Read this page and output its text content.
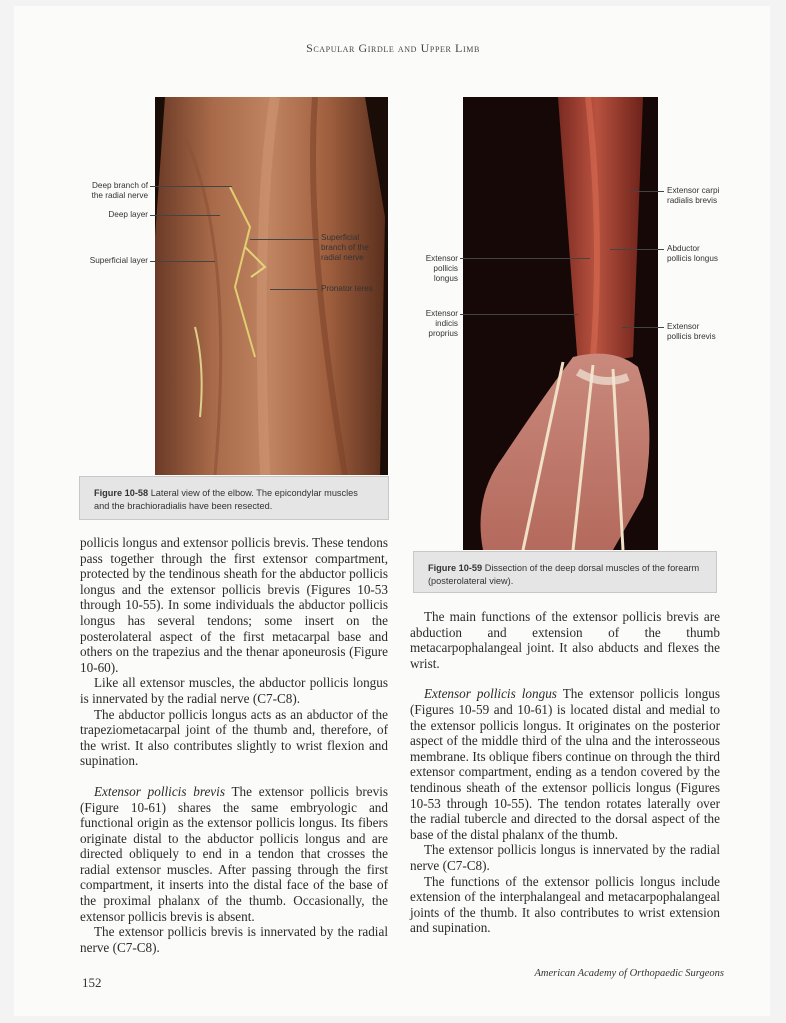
Scapular Girdle and Upper Limb
Figure 10-58 Lateral view of the elbow. The epicondylar muscles and the brachioradialis have been resected.
Deep branch of the radial nerve
Deep layer
Superficial layer
Superficial branch of the radial nerve
Pronator teres
Figure 10-59 Dissection of the deep dorsal muscles of the forearm (posterolateral view).
Extensor carpi radialis brevis
Abductor pollicis longus
Extensor pollicis brevis
Extensor pollicis longus
Extensor indicis proprius

pollicis longus and extensor pollicis brevis. These tendons pass together through the first extensor compartment, protected by the tendinous sheath for the abductor pollicis longus and the extensor pollicis brevis (Figures 10-53 through 10-55). In some individuals the abductor pollicis longus has several tendons; some insert on the posterolateral aspect of the first metacarpal base and others on the trapezius and the thenar aponeurosis (Figure 10-60).

Like all extensor muscles, the abductor pollicis longus is innervated by the radial nerve (C7-C8).

The abductor pollicis longus acts as an abductor of the trapeziometacarpal joint of the thumb and, therefore, of the wrist. It also contributes slightly to wrist flexion and supination.

Extensor pollicis brevis The extensor pollicis brevis (Figure 10-61) shares the same embryologic and functional origin as the extensor pollicis longus. Its fibers originate distal to the abductor pollicis longus and are directed obliquely to end in a tendon that crosses the radial extensor muscles. After passing through the first compartment, it inserts into the distal face of the base of the proximal phalanx of the thumb. Occasionally, the extensor pollicis brevis is absent.

The extensor pollicis brevis is innervated by the radial nerve (C7-C8).

The main functions of the extensor pollicis brevis are abduction and extension of the thumb metacarpophalangeal joint. It also abducts and flexes the wrist.

Extensor pollicis longus The extensor pollicis longus (Figures 10-59 and 10-61) is located distal and medial to the extensor pollicis longus. It originates on the posterior aspect of the middle third of the ulna and the interosseous membrane. Its oblique fibers continue on through the third extensor compartment, ending as a tendon covered by the tendinous sheath of the extensor pollicis longus (Figures 10-53 through 10-55). The tendon rotates laterally over the radial tubercle and directed to the dorsal aspect of the base of the distal phalanx of the thumb.

The extensor pollicis longus is innervated by the radial nerve (C7-C8).

The functions of the extensor pollicis longus include extension of the interphalangeal and metacarpophalangeal joints of the thumb. It also contributes to wrist extension and supination.

152
American Academy of Orthopaedic Surgeons
